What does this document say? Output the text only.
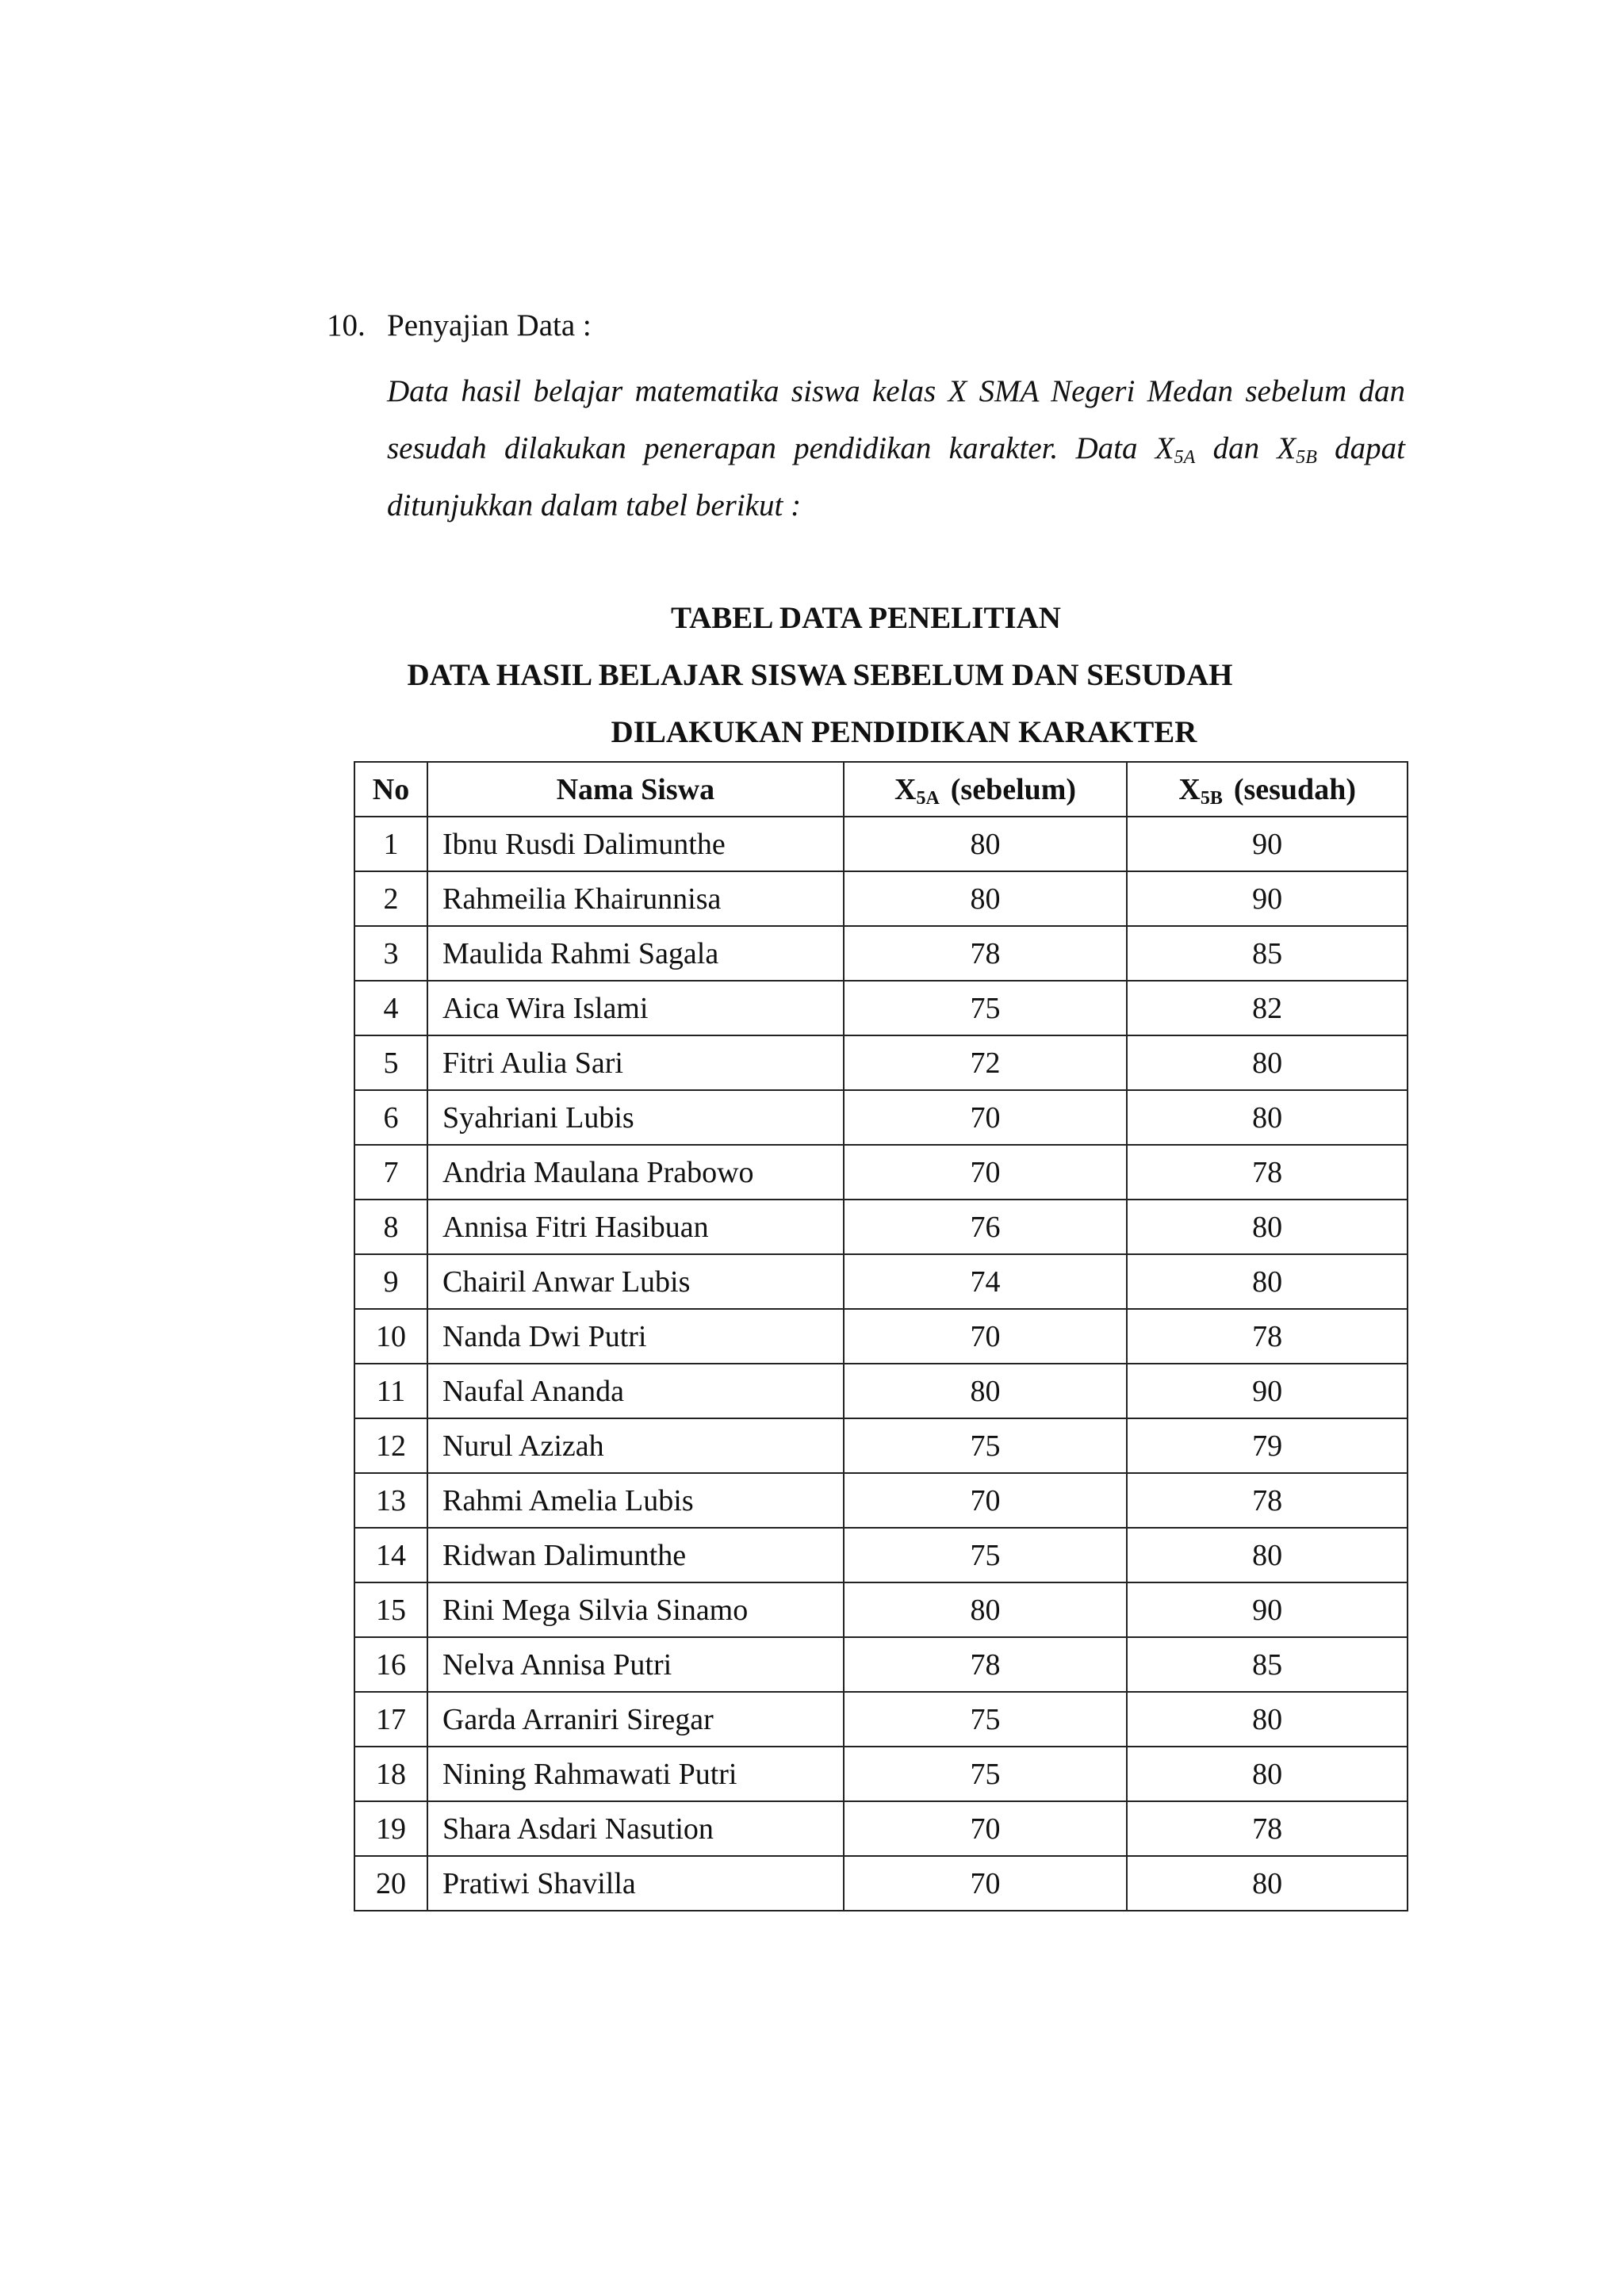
10. Penyajian Data :
Data hasil belajar matematika siswa kelas X SMA Negeri Medan sebelum dan sesudah dilakukan penerapan pendidikan karakter. Data $X_{5A}$ dan $X_{5B}$ dapat ditunjukkan dalam tabel berikut :
TABEL DATA PENELITIAN
DATA HASIL BELAJAR SISWA SEBELUM DAN SESUDAH
DILAKUKAN PENDIDIKAN KARAKTER
No	Nama Siswa	$X_{5A}$ (sebelum)	$X_{5B}$ (sesudah)
1	Ibnu Rusdi Dalimunthe	80	90
2	Rahmeilia Khairunnisa	80	90
3	Maulida Rahmi Sagala	78	85
4	Aica Wira Islami	75	82
5	Fitri Aulia Sari	72	80
6	Syahriani Lubis	70	80
7	Andria Maulana Prabowo	70	78
8	Annisa Fitri Hasibuan	76	80
9	Chairil Anwar Lubis	74	80
10	Nanda Dwi Putri	70	78
11	Naufal Ananda	80	90
12	Nurul Azizah	75	79
13	Rahmi Amelia Lubis	70	78
14	Ridwan Dalimunthe	75	80
15	Rini Mega Silvia Sinamo	80	90
16	Nelva Annisa Putri	78	85
17	Garda Arraniri Siregar	75	80
18	Nining Rahmawati Putri	75	80
19	Shara Asdari Nasution	70	78
20	Pratiwi Shavilla	70	80
